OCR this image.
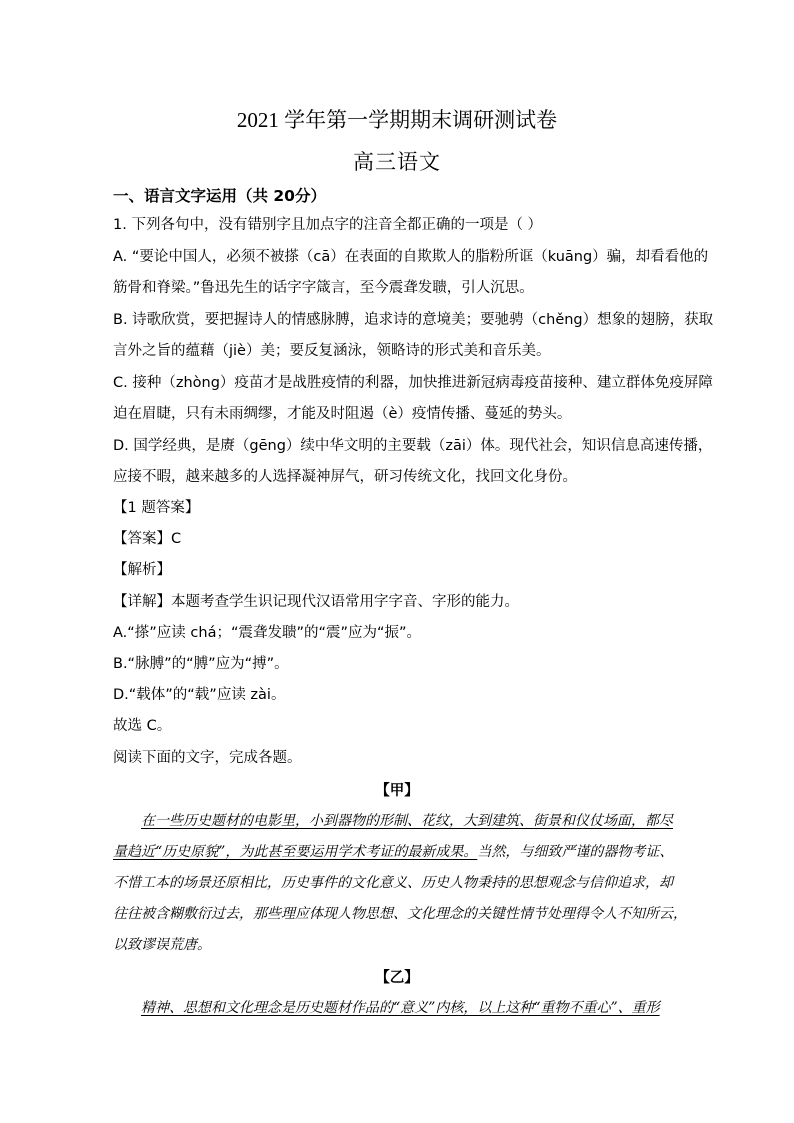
2021 学年第一学期期末调研测试卷
高三语文
一、语言文字运用（共 20分）
1. 下列各句中，没有错别字且加点字的注音全都正确的一项是（ ）
A. “要论中国人，必须不被搽（cā）在表面的自欺欺人的脂粉所诓（kuāng）骗，却看看他的
筋骨和脊梁。”鲁迅先生的话字字箴言，至今震聋发聩，引人沉思。
B. 诗歌欣赏，要把握诗人的情感脉膊，追求诗的意境美；要驰骋（chěng）想象的翅膀，获取
言外之旨的蕴藉（jiè）美；要反复涵泳，领略诗的形式美和音乐美。
C. 接种（zhòng）疫苗才是战胜疫情的利器，加快推进新冠病毒疫苗接种、建立群体免疫屏障
迫在眉睫，只有未雨绸缪，才能及时阻遏（è）疫情传播、蔓延的势头。
D. 国学经典，是赓（gēng）续中华文明的主要载（zāi）体。现代社会，知识信息高速传播，
应接不暇，越来越多的人选择凝神屏气，研习传统文化，找回文化身份。
【1 题答案】
【答案】C
【解析】
【详解】本题考查学生识记现代汉语常用字字音、字形的能力。
A.“搽”应读 chá；“震聋发聩”的“震”应为“振”。
B.“脉膊”的“膊”应为“搏”。
D.“载体”的“载”应读 zài。
故选 C。
阅读下面的文字，完成各题。
【甲】
在一些历史题材的电影里，小到器物的形制、花纹，大到建筑、街景和仪仗场面，都尽
量趋近“历史原貌”，为此甚至要运用学术考证的最新成果。当然，与细致严谨的器物考证、
不惜工本的场景还原相比，历史事件的文化意义、历史人物秉持的思想观念与信仰追求，却
往往被含糊敷衍过去，那些理应体现人物思想、文化理念的关键性情节处理得令人不知所云，
以致谬误荒唐。
【乙】
精神、思想和文化理念是历史题材作品的“意义”内核，以上这种“重物不重心”、重形
